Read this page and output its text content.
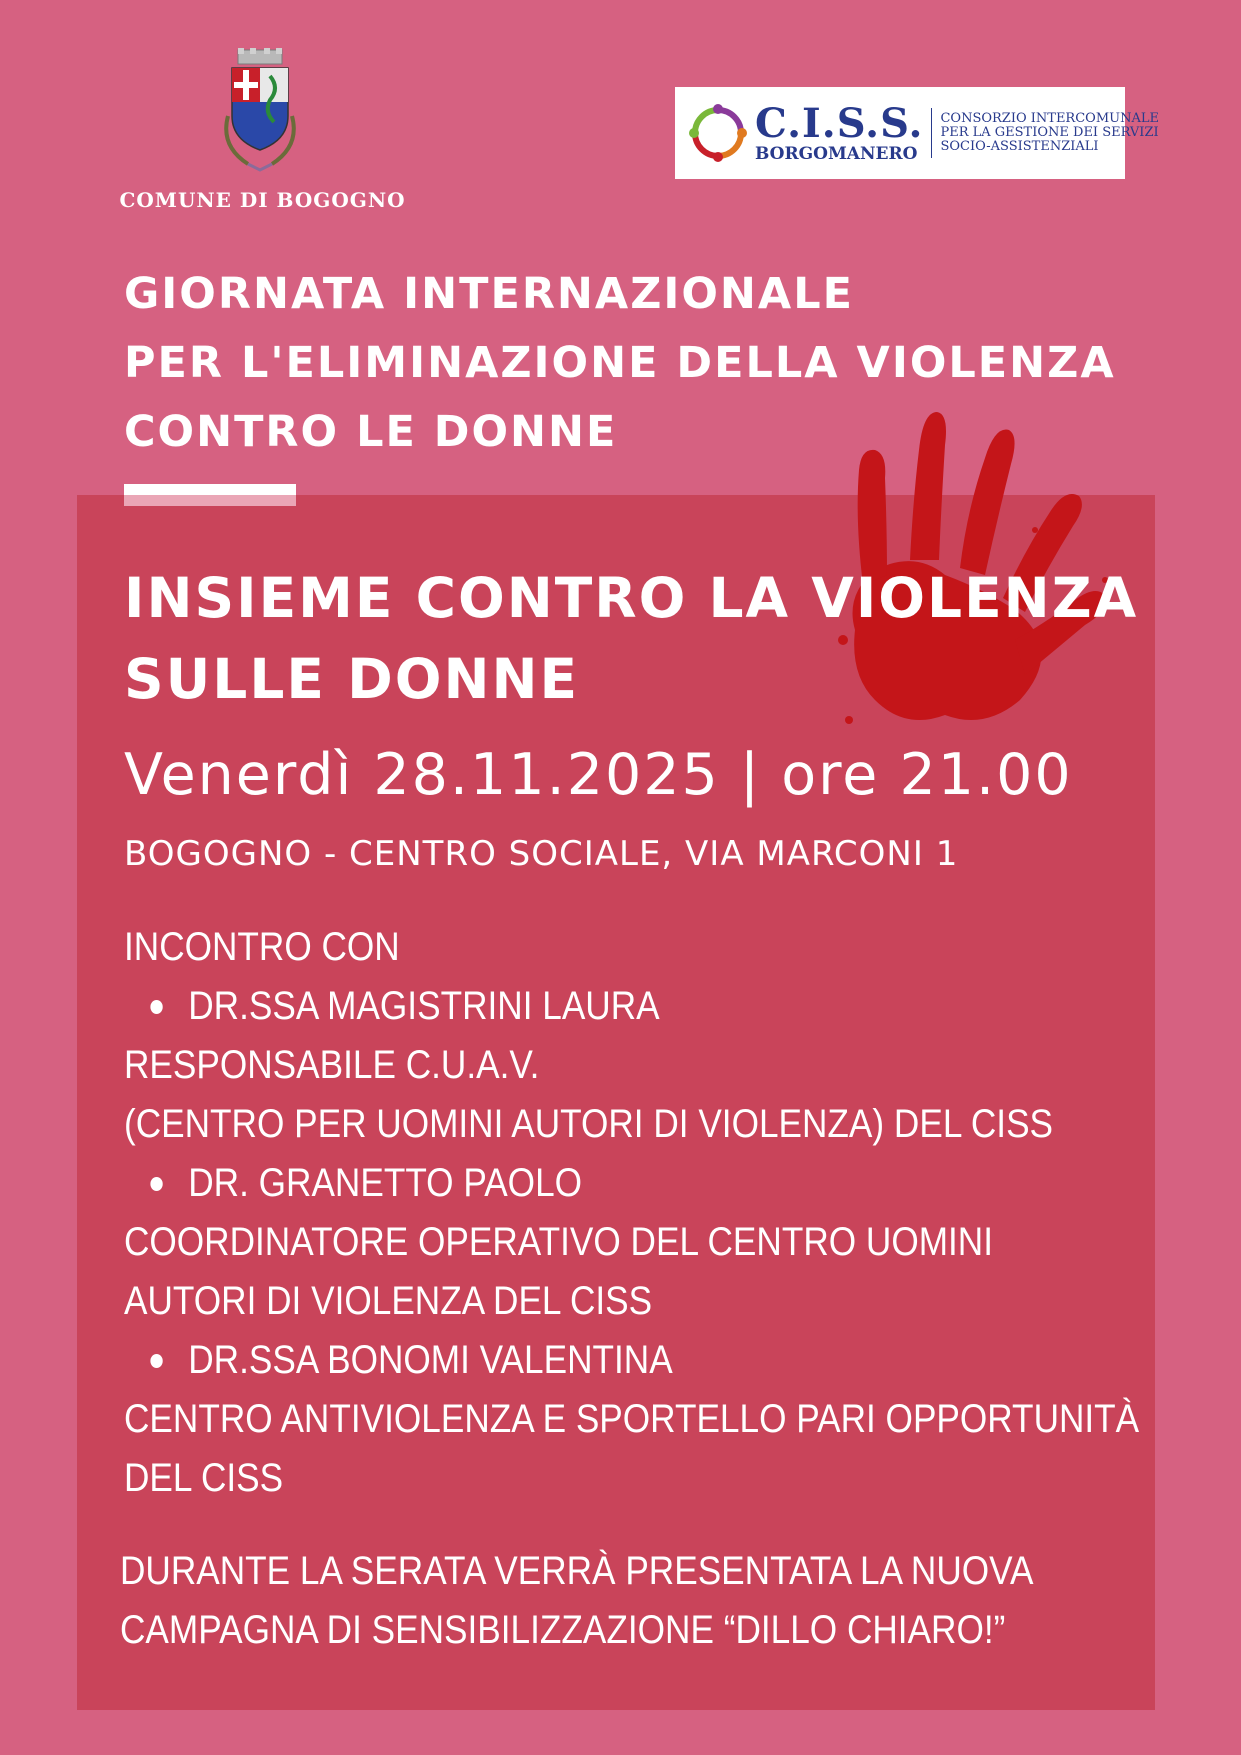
COMUNE DI BOGOGNO
C.I.S.S.
BORGOMANERO
CONSORZIO INTERCOMUNALE
PER LA GESTIONE DEI SERVIZI
SOCIO-ASSISTENZIALI
GIORNATA INTERNAZIONALE
PER L'ELIMINAZIONE DELLA VIOLENZA
CONTRO LE DONNE
INSIEME CONTRO LA VIOLENZA
SULLE DONNE
Venerdì 28.11.2025 | ore 21.00
BOGOGNO - CENTRO SOCIALE, VIA MARCONI 1
INCONTRO CON
DR.SSA MAGISTRINI LAURA
RESPONSABILE C.U.A.V.
(CENTRO PER UOMINI AUTORI DI VIOLENZA) DEL CISS
DR. GRANETTO PAOLO
COORDINATORE OPERATIVO DEL CENTRO UOMINI
AUTORI DI VIOLENZA DEL CISS
DR.SSA BONOMI VALENTINA
CENTRO ANTIVIOLENZA E SPORTELLO PARI OPPORTUNITÀ
DEL CISS
DURANTE LA SERATA VERRÀ PRESENTATA LA NUOVA
CAMPAGNA DI SENSIBILIZZAZIONE “DILLO CHIARO!”
